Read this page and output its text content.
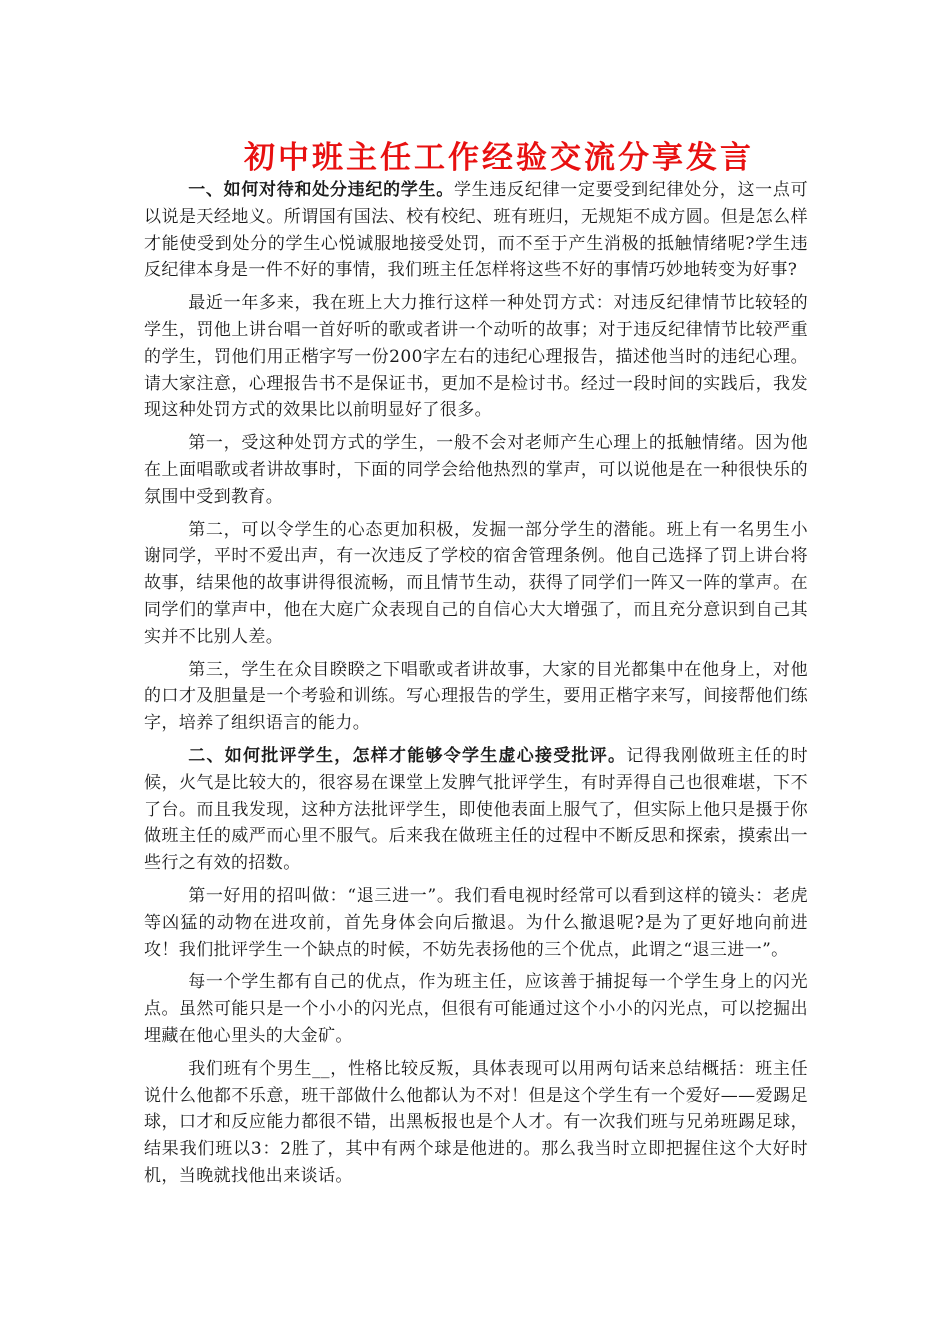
初中班主任工作经验交流分享发言

一、如何对待和处分违纪的学生。学生违反纪律一定要受到纪律处分，这一点可以说是天经地义。所谓国有国法、校有校纪、班有班归，无规矩不成方圆。但是怎么样才能使受到处分的学生心悦诚服地接受处罚，而不至于产生消极的抵触情绪呢?学生违反纪律本身是一件不好的事情，我们班主任怎样将这些不好的事情巧妙地转变为好事?

最近一年多来，我在班上大力推行这样一种处罚方式：对违反纪律情节比较轻的学生，罚他上讲台唱一首好听的歌或者讲一个动听的故事；对于违反纪律情节比较严重的学生，罚他们用正楷字写一份200字左右的违纪心理报告，描述他当时的违纪心理。请大家注意，心理报告书不是保证书，更加不是检讨书。经过一段时间的实践后，我发现这种处罚方式的效果比以前明显好了很多。

第一，受这种处罚方式的学生，一般不会对老师产生心理上的抵触情绪。因为他在上面唱歌或者讲故事时，下面的同学会给他热烈的掌声，可以说他是在一种很快乐的氛围中受到教育。

第二，可以令学生的心态更加积极，发掘一部分学生的潜能。班上有一名男生小谢同学，平时不爱出声，有一次违反了学校的宿舍管理条例。他自己选择了罚上讲台将故事，结果他的故事讲得很流畅，而且情节生动，获得了同学们一阵又一阵的掌声。在同学们的掌声中，他在大庭广众表现自己的自信心大大增强了，而且充分意识到自己其实并不比别人差。

第三，学生在众目睽睽之下唱歌或者讲故事，大家的目光都集中在他身上，对他的口才及胆量是一个考验和训练。写心理报告的学生，要用正楷字来写，间接帮他们练字，培养了组织语言的能力。

二、如何批评学生，怎样才能够令学生虚心接受批评。记得我刚做班主任的时候，火气是比较大的，很容易在课堂上发脾气批评学生，有时弄得自己也很难堪，下不了台。而且我发现，这种方法批评学生，即使他表面上服气了，但实际上他只是摄于你做班主任的威严而心里不服气。后来我在做班主任的过程中不断反思和探索，摸索出一些行之有效的招数。

第一好用的招叫做：“退三进一”。我们看电视时经常可以看到这样的镜头：老虎等凶猛的动物在进攻前，首先身体会向后撤退。为什么撤退呢?是为了更好地向前进攻！我们批评学生一个缺点的时候，不妨先表扬他的三个优点，此谓之“退三进一”。

每一个学生都有自己的优点，作为班主任，应该善于捕捉每一个学生身上的闪光点。虽然可能只是一个小小的闪光点，但很有可能通过这个小小的闪光点，可以挖掘出埋藏在他心里头的大金矿。

我们班有个男生__，性格比较反叛，具体表现可以用两句话来总结概括：班主任说什么他都不乐意，班干部做什么他都认为不对！但是这个学生有一个爱好——爱踢足球，口才和反应能力都很不错，出黑板报也是个人才。有一次我们班与兄弟班踢足球，结果我们班以3：2胜了，其中有两个球是他进的。那么我当时立即把握住这个大好时机，当晚就找他出来谈话。
